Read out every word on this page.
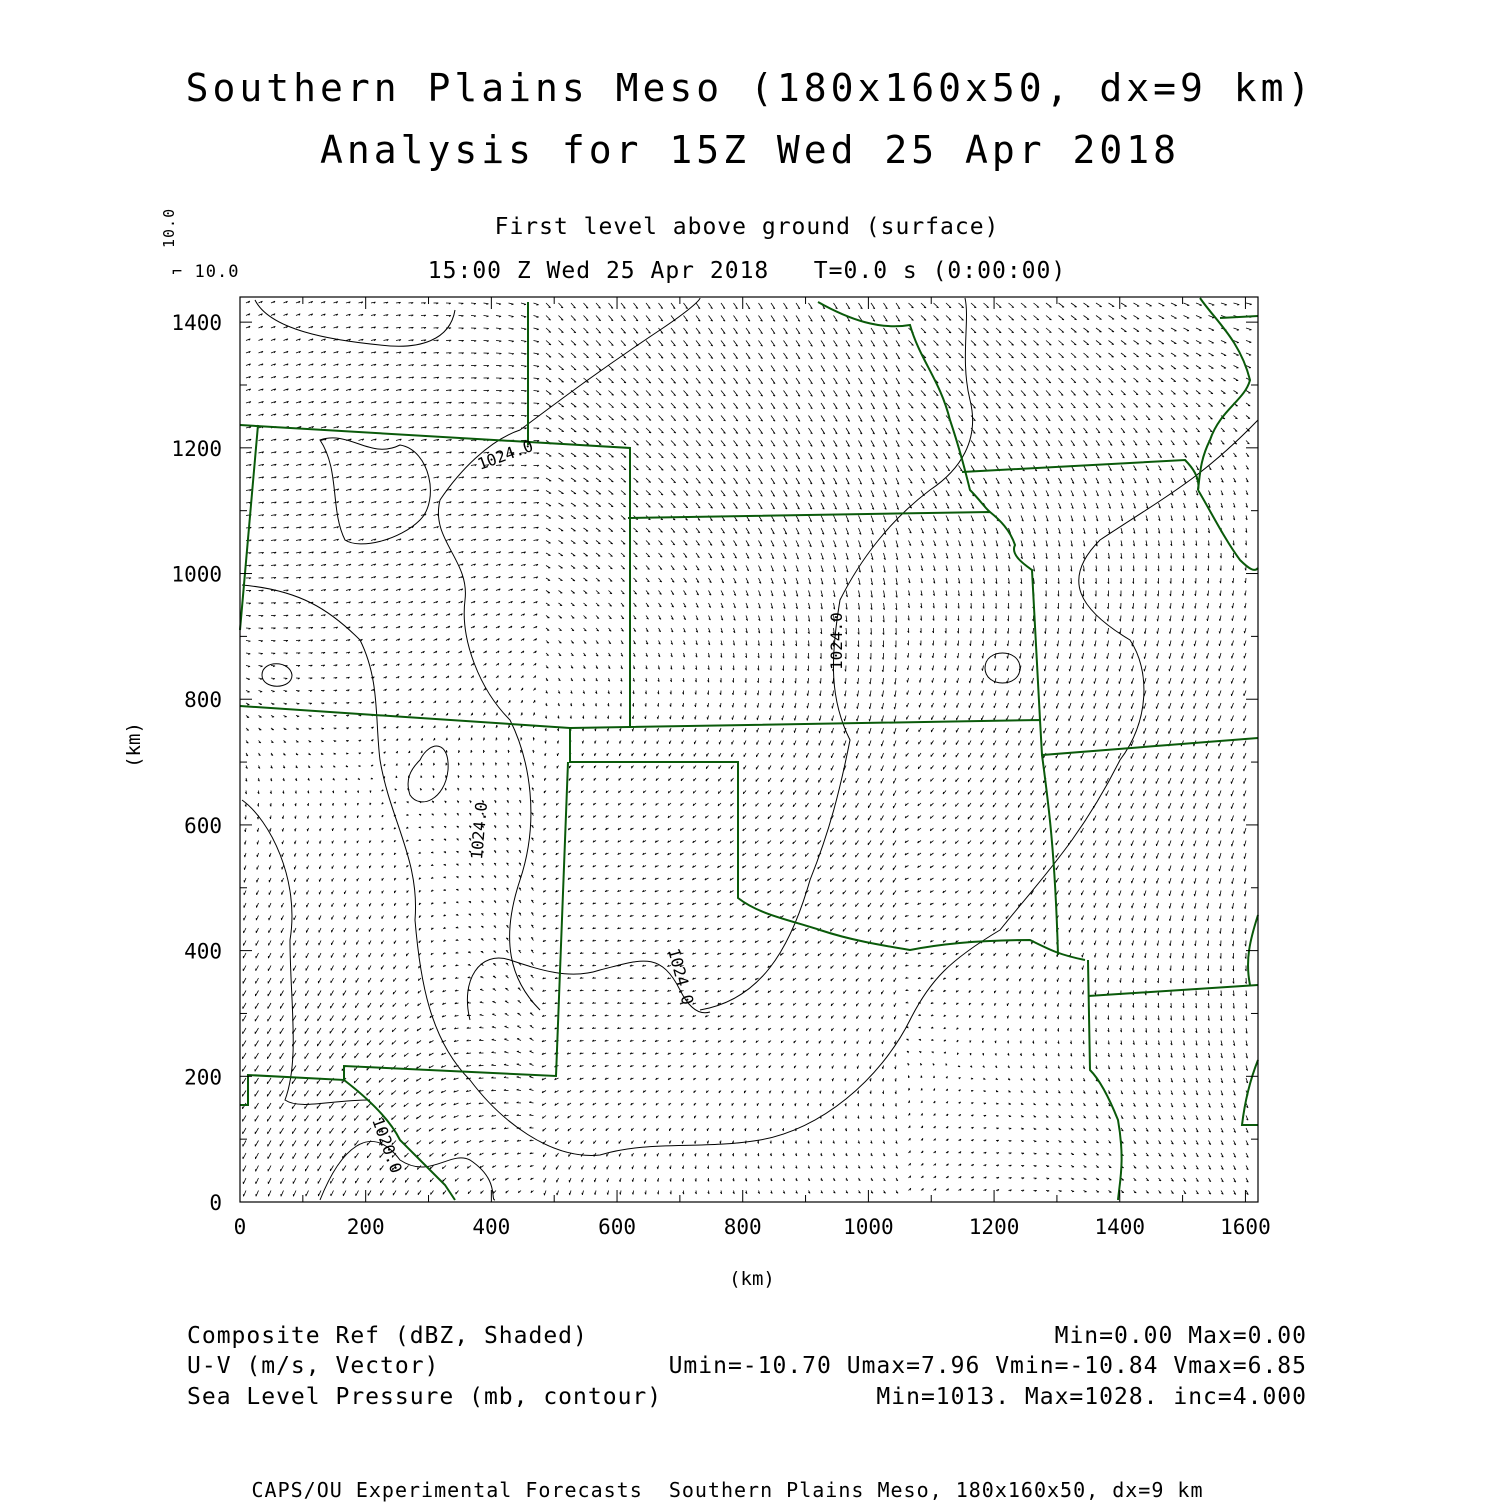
Southern Plains Meso (180x160x50, dx=9 km)
Analysis for 15Z Wed 25 Apr 2018
First level above ground (surface)
15:00 Z Wed 25 Apr 2018   T=0.0 s (0:00:00)
⌐ 10.0
10.0
1024.0
1024.0
1024.0
1020.0
1024.0
0	200	400	600	800	1000	1200	1400	1600
0
200
400
600
800
1000
1200
1400
(km)
(km)
Composite Ref (dBZ, Shaded)	Min=0.00 Max=0.00
U-V (m/s, Vector)	Umin=-10.70 Umax=7.96 Vmin=-10.84 Vmax=6.85
Sea Level Pressure (mb, contour)	Min=1013. Max=1028. inc=4.000
CAPS/OU Experimental Forecasts  Southern Plains Meso, 180x160x50, dx=9 km
